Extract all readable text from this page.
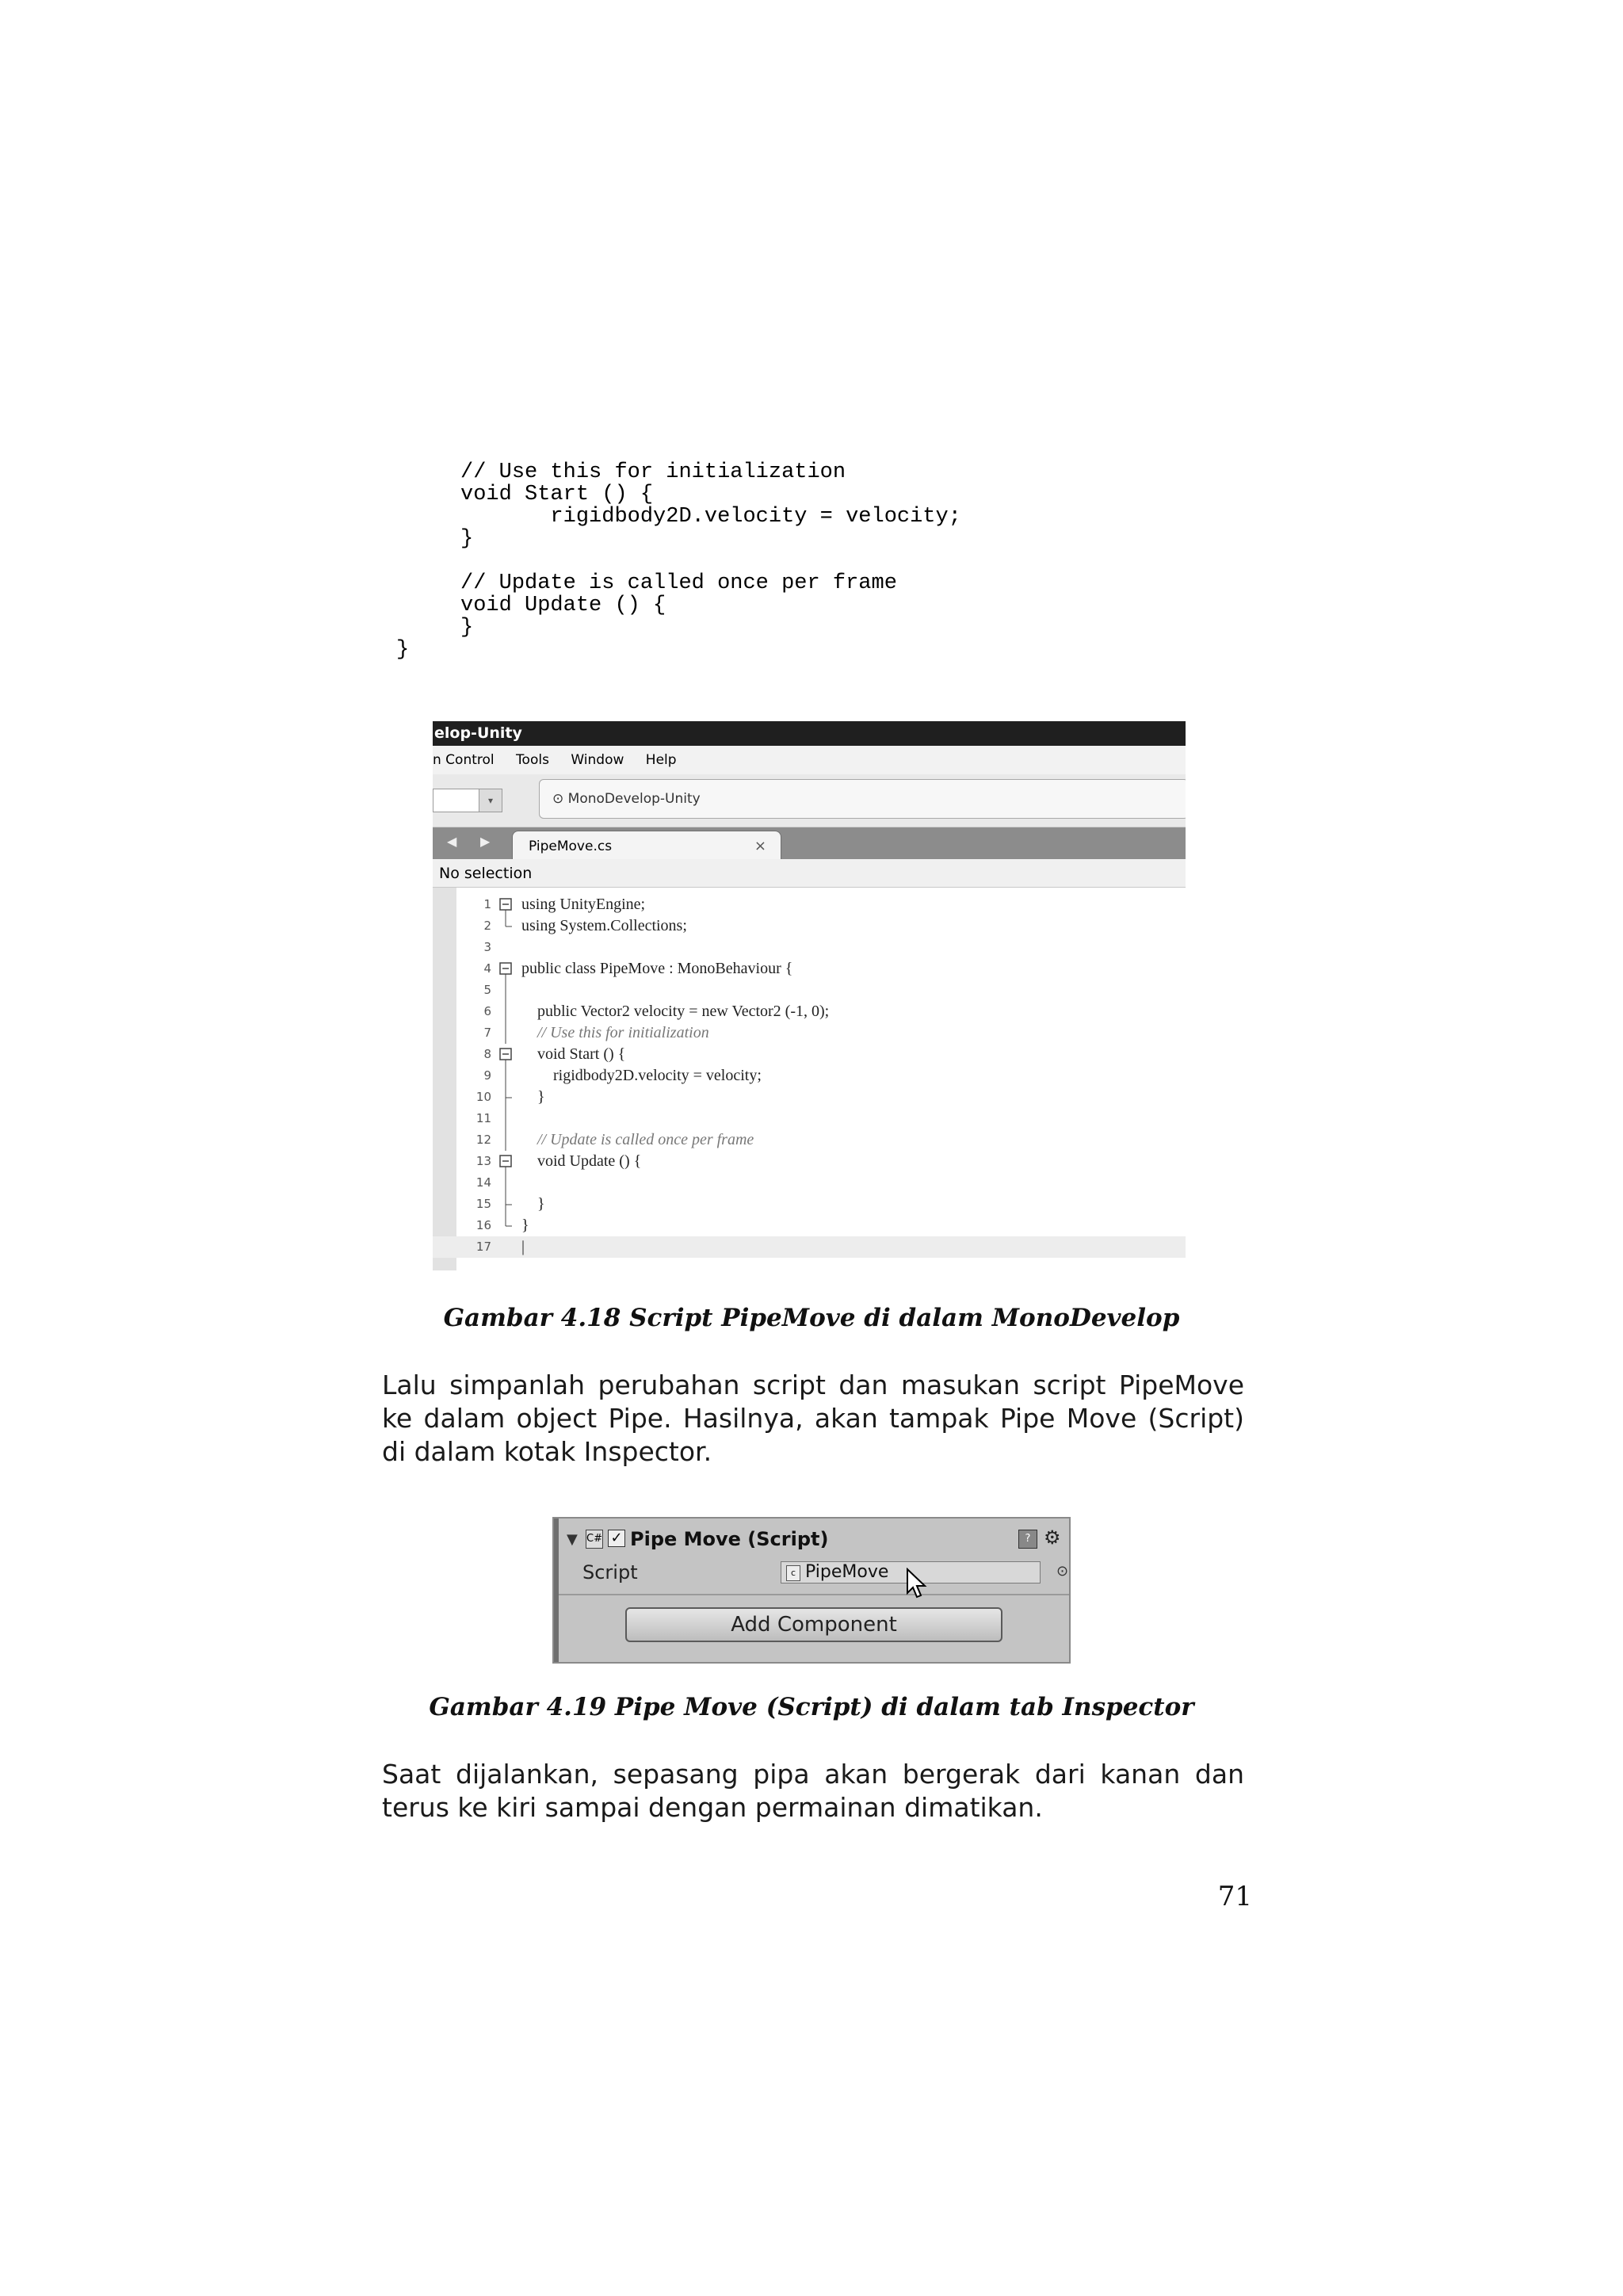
// Use this for initialization
void Start () {
rigidbody2D.velocity = velocity;
}
// Update is called once per frame
void Update () {
}
}
elop-Unity
n Control Tools Window Help
▾	⊙ MonoDevelop-Unity
◀ ▶	PipeMove.cs	×
No selection
1 using UnityEngine;
2 using System.Collections;
3
4 public class PipeMove : MonoBehaviour {
5
6 public Vector2 velocity = new Vector2 (-1, 0);
7 // Use this for initialization
8 void Start () {
9 rigidbody2D.velocity = velocity;
10 }
11
12 // Update is called once per frame
13 void Update () {
14
15 }
16 }
17 |

Gambar 4.18 Script PipeMove di dalam MonoDevelop

Lalu simpanlah perubahan script dan masukan script PipeMove ke dalam object Pipe. Hasilnya, akan tampak Pipe Move (Script) di dalam kotak Inspector.

▼ C# ✓ Pipe Move (Script)	? ⚙
Script	c PipeMove	⊙
Add Component

Gambar 4.19 Pipe Move (Script) di dalam tab Inspector

Saat dijalankan, sepasang pipa akan bergerak dari kanan dan terus ke kiri sampai dengan permainan dimatikan.

71
